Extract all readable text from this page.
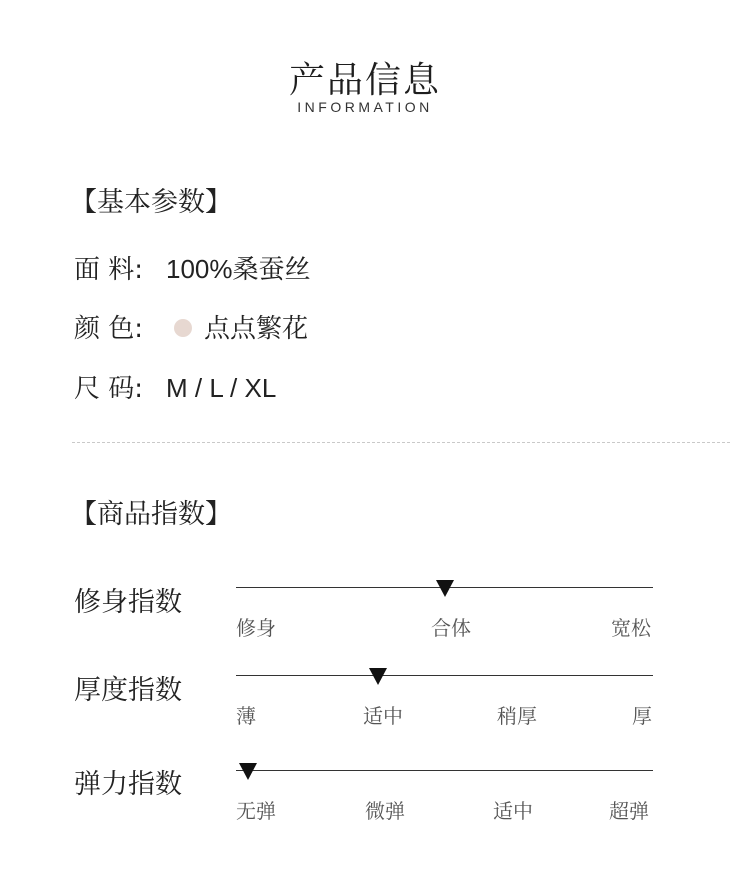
产品信息
INFORMATION
【基本参数】
面 料: 100%桑蚕丝
颜 色: 点点繁花
尺 码: M / L / XL
【商品指数】
修身指数
修身	合体	宽松
厚度指数
薄	适中	稍厚	厚
弹力指数
无弹	微弹	适中	超弹
